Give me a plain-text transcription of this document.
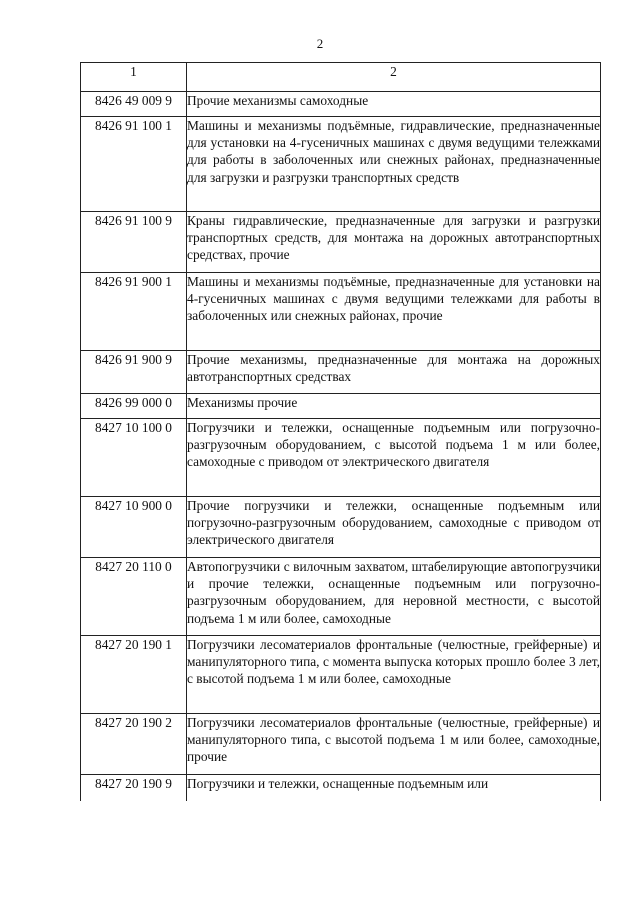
2
1	2
8426 49 009 9	Прочие механизмы самоходные
8426 91 100 1	Машины и механизмы подъёмные, гидравлические, предназначенные для установки на 4-гусеничных машинах с двумя ведущими тележками для работы в заболоченных или снежных районах, предназначенные для загрузки и разгрузки транспортных средств
8426 91 100 9	Краны гидравлические, предназначенные для загрузки и разгрузки транспортных средств, для монтажа на дорожных автотранспортных средствах, прочие
8426 91 900 1	Машины и механизмы подъёмные, предназначенные для установки на 4-гусеничных машинах с двумя ведущими тележками для работы в заболоченных или снежных районах, прочие
8426 91 900 9	Прочие механизмы, предназначенные для монтажа на дорожных автотранспортных средствах
8426 99 000 0	Механизмы прочие
8427 10 100 0	Погрузчики и тележки, оснащенные подъемным или погрузочно-разгрузочным оборудованием, с высотой подъема 1 м или более, самоходные с приводом от электрического двигателя
8427 10 900 0	Прочие погрузчики и тележки, оснащенные подъемным или погрузочно-разгрузочным оборудованием, самоходные с приводом от электрического двигателя
8427 20 110 0	Автопогрузчики с вилочным захватом, штабелирующие автопогрузчики и прочие тележки, оснащенные подъемным или погрузочно-разгрузочным оборудованием, для неровной местности, с высотой подъема 1 м или более, самоходные
8427 20 190 1	Погрузчики лесоматериалов фронтальные (челюстные, грейферные) и манипуляторного типа, с момента выпуска которых прошло более 3 лет, с высотой подъема 1 м или более, самоходные
8427 20 190 2	Погрузчики лесоматериалов фронтальные (челюстные, грейферные) и манипуляторного типа, с высотой подъема 1 м или более, самоходные, прочие
8427 20 190 9	Погрузчики и тележки, оснащенные подъемным или
